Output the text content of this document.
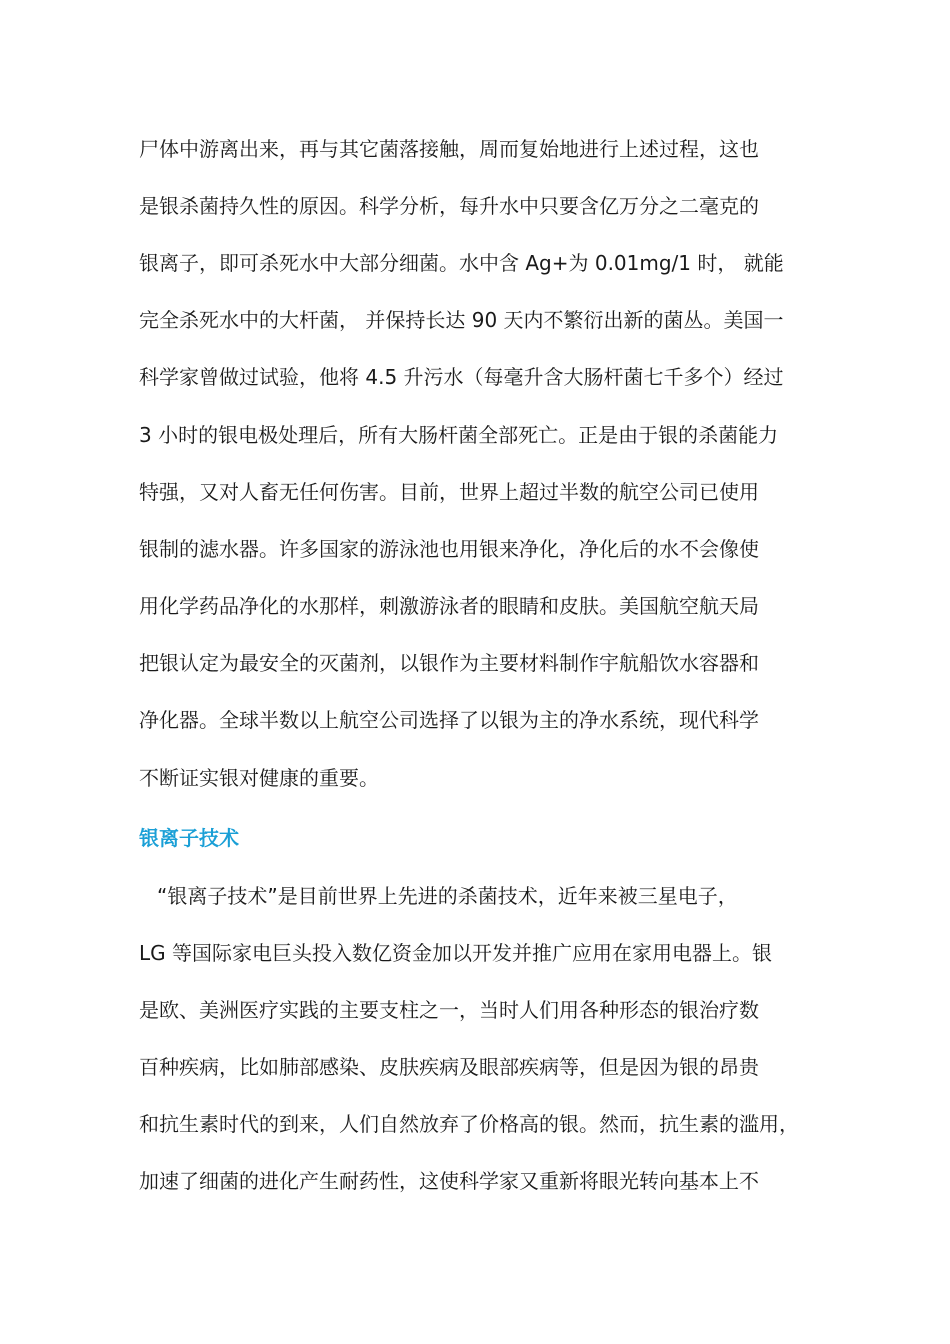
尸体中游离出来，再与其它菌落接触，周而复始地进行上述过程，这也
是银杀菌持久性的原因。科学分析，每升水中只要含亿万分之二毫克的
银离子，即可杀死水中大部分细菌。水中含 Ag+为 0.01mg/1 时， 就能
完全杀死水中的大杆菌， 并保持长达 90 天内不繁衍出新的菌丛。美国一
科学家曾做过试验，他将 4.5 升污水（每毫升含大肠杆菌七千多个）经过
3 小时的银电极处理后，所有大肠杆菌全部死亡。正是由于银的杀菌能力
特强，又对人畜无任何伤害。目前，世界上超过半数的航空公司已使用
银制的滤水器。许多国家的游泳池也用银来净化，净化后的水不会像使
用化学药品净化的水那样，刺激游泳者的眼睛和皮肤。美国航空航天局
把银认定为最安全的灭菌剂，以银作为主要材料制作宇航船饮水容器和
净化器。全球半数以上航空公司选择了以银为主的净水系统，现代科学
不断证实银对健康的重要。
银离子技术
“银离子技术”是目前世界上先进的杀菌技术，近年来被三星电子，
LG 等国际家电巨头投入数亿资金加以开发并推广应用在家用电器上。银
是欧、美洲医疗实践的主要支柱之一，当时人们用各种形态的银治疗数
百种疾病，比如肺部感染、皮肤疾病及眼部疾病等，但是因为银的昂贵
和抗生素时代的到来，人们自然放弃了价格高的银。然而，抗生素的滥用，
加速了细菌的进化产生耐药性，这使科学家又重新将眼光转向基本上不
